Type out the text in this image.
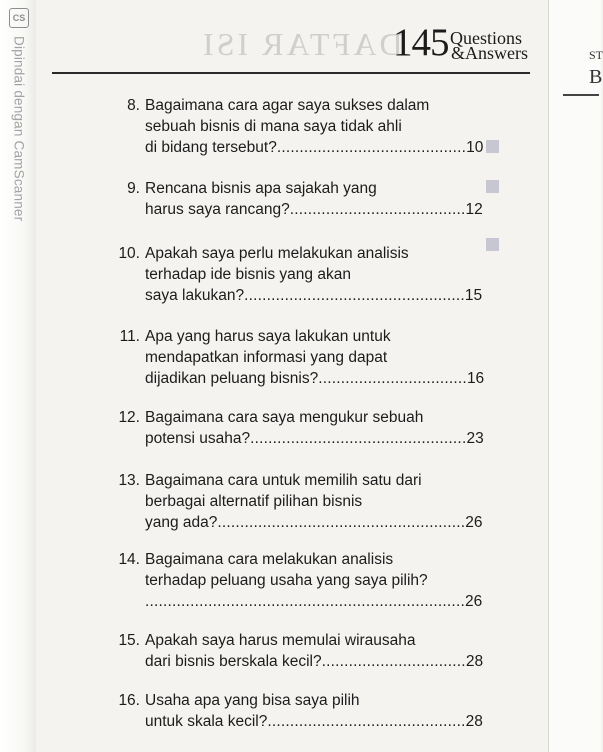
CS
Dipindai dengan CamScanner	DAFTAR ISI
145 Questions
&Answers	ST
B
8. Bagaimana cara agar saya sukses dalam
sebuah bisnis di mana saya tidak ahli
di bidang tersebut?..........................................10
9. Rencana bisnis apa sajakah yang
harus saya rancang?.......................................12
10. Apakah saya perlu melakukan analisis
terhadap ide bisnis yang akan
saya lakukan?.................................................15
11. Apa yang harus saya lakukan untuk
mendapatkan informasi yang dapat
dijadikan peluang bisnis?.................................16
12. Bagaimana cara saya mengukur sebuah
potensi usaha?................................................23
13. Bagaimana cara untuk memilih satu dari
berbagai alternatif pilihan bisnis
yang ada?.......................................................26
14. Bagaimana cara melakukan analisis
terhadap peluang usaha yang saya pilih?
.......................................................................26
15. Apakah saya harus memulai wirausaha
dari bisnis berskala kecil?................................28
16. Usaha apa yang bisa saya pilih
untuk skala kecil?............................................28
